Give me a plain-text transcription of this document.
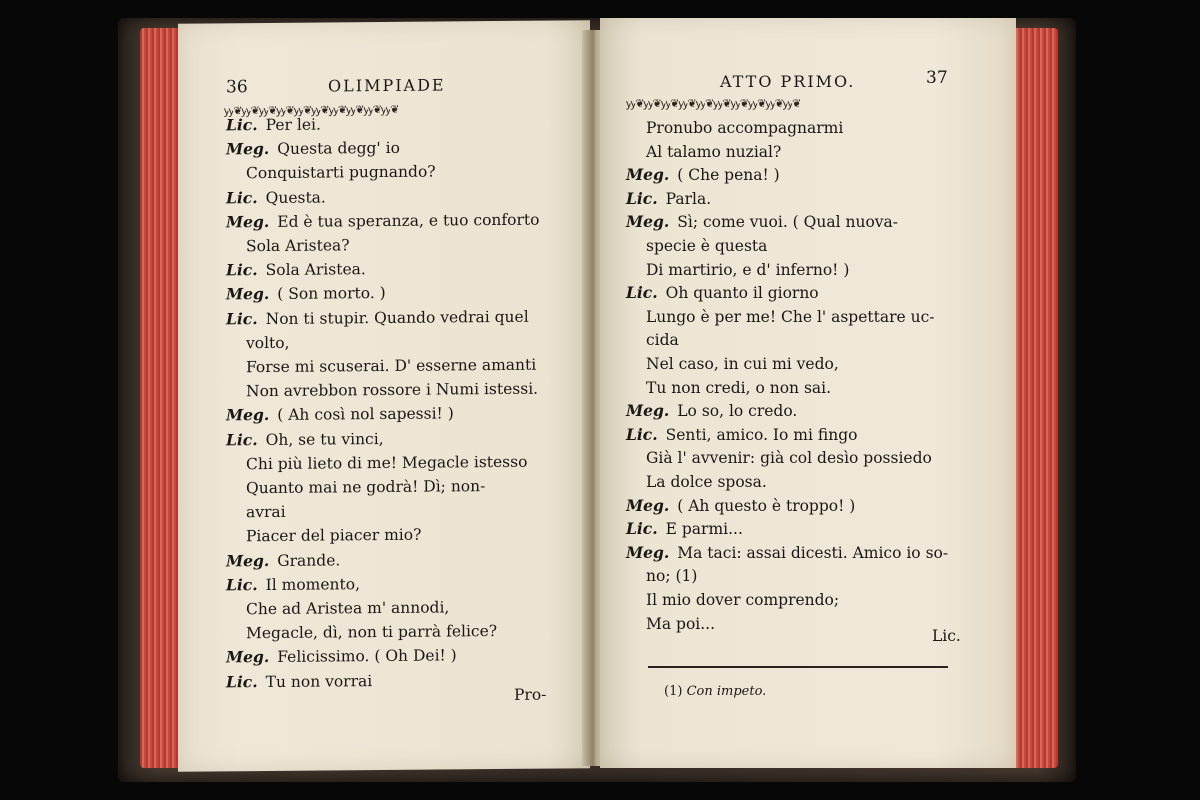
36	OLIMPIADE
ꭚꭚ❦ꭚꭚ❦ꭚꭚ❦ꭚꭚ❦ꭚꭚ❦ꭚꭚ❦ꭚꭚ❦ꭚꭚ❦ꭚꭚ❦ꭚꭚ❦
Lic. Per lei.
Meg. Questa degg' io
Conquistarti pugnando?
Lic. Questa.
Meg. Ed è tua speranza, e tuo conforto
Sola Aristea?
Lic. Sola Aristea.
Meg. ( Son morto. )
Lic. Non ti stupir. Quando vedrai quel
volto,
Forse mi scuserai. D' esserne amanti
Non avrebbon rossore i Numi istessi.
Meg. ( Ah così nol sapessi! )
Lic. Oh, se tu vinci,
Chi più lieto di me! Megacle istesso
Quanto mai ne godrà! Dì; non-
avrai
Piacer del piacer mio?
Meg. Grande.
Lic. Il momento,
Che ad Aristea m' annodi,
Megacle, dì, non ti parrà felice?
Meg. Felicissimo. ( Oh Dei! )
Lic. Tu non vorrai
Pro-
ATTO PRIMO.	37
ꭚꭚ❦ꭚꭚ❦ꭚꭚ❦ꭚꭚ❦ꭚꭚ❦ꭚꭚ❦ꭚꭚ❦ꭚꭚ❦ꭚꭚ❦ꭚꭚ❦
Pronubo accompagnarmi
Al talamo nuzial?
Meg. ( Che pena! )
Lic. Parla.
Meg. Sì; come vuoi. ( Qual nuova-
specie è questa
Di martirio, e d' inferno! )
Lic. Oh quanto il giorno
Lungo è per me! Che l' aspettare uc-
cida
Nel caso, in cui mi vedo,
Tu non credi, o non sai.
Meg. Lo so, lo credo.
Lic. Senti, amico. Io mi fingo
Già l' avvenir: già col desìo possiedo
La dolce sposa.
Meg. ( Ah questo è troppo! )
Lic. E parmi...
Meg. Ma taci: assai dicesti. Amico io so-
no; (1)
Il mio dover comprendo;
Ma poi...
Lic.
(1) Con impeto.
